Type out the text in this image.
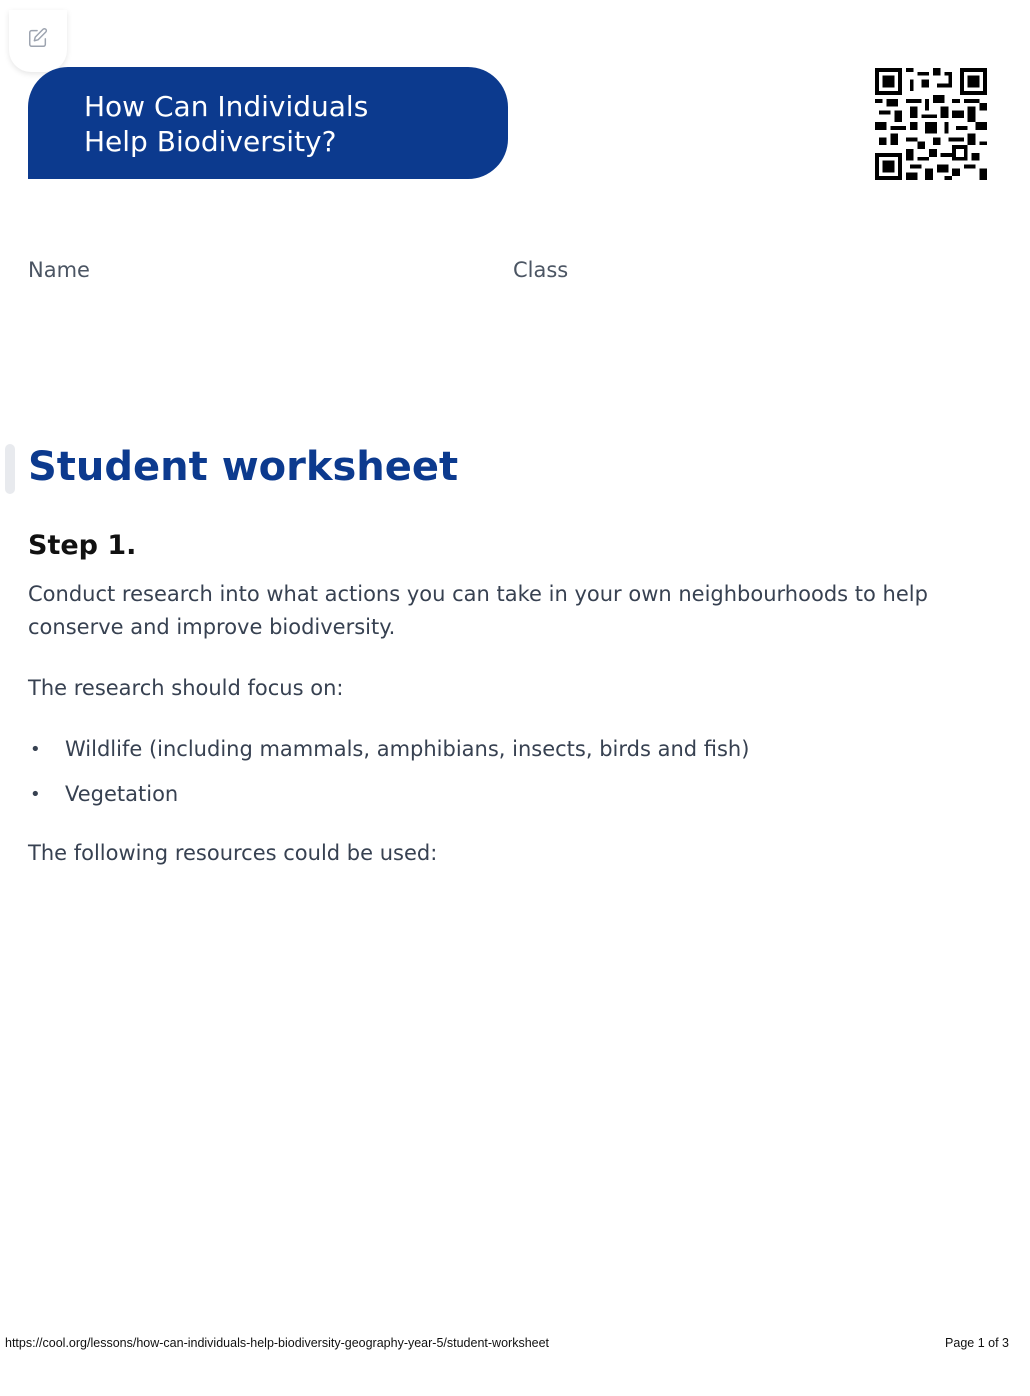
How Can Individuals
Help Biodiversity?
Name	Class
Student worksheet
Step 1.

Conduct research into what actions you can take in your own neighbourhoods to help conserve and improve biodiversity.

The research should focus on:

• Wildlife (including mammals, amphibians, insects, birds and fish)
• Vegetation

The following resources could be used:

https://cool.org/lessons/how-can-individuals-help-biodiversity-geography-year-5/student-worksheet	Page 1 of 3
